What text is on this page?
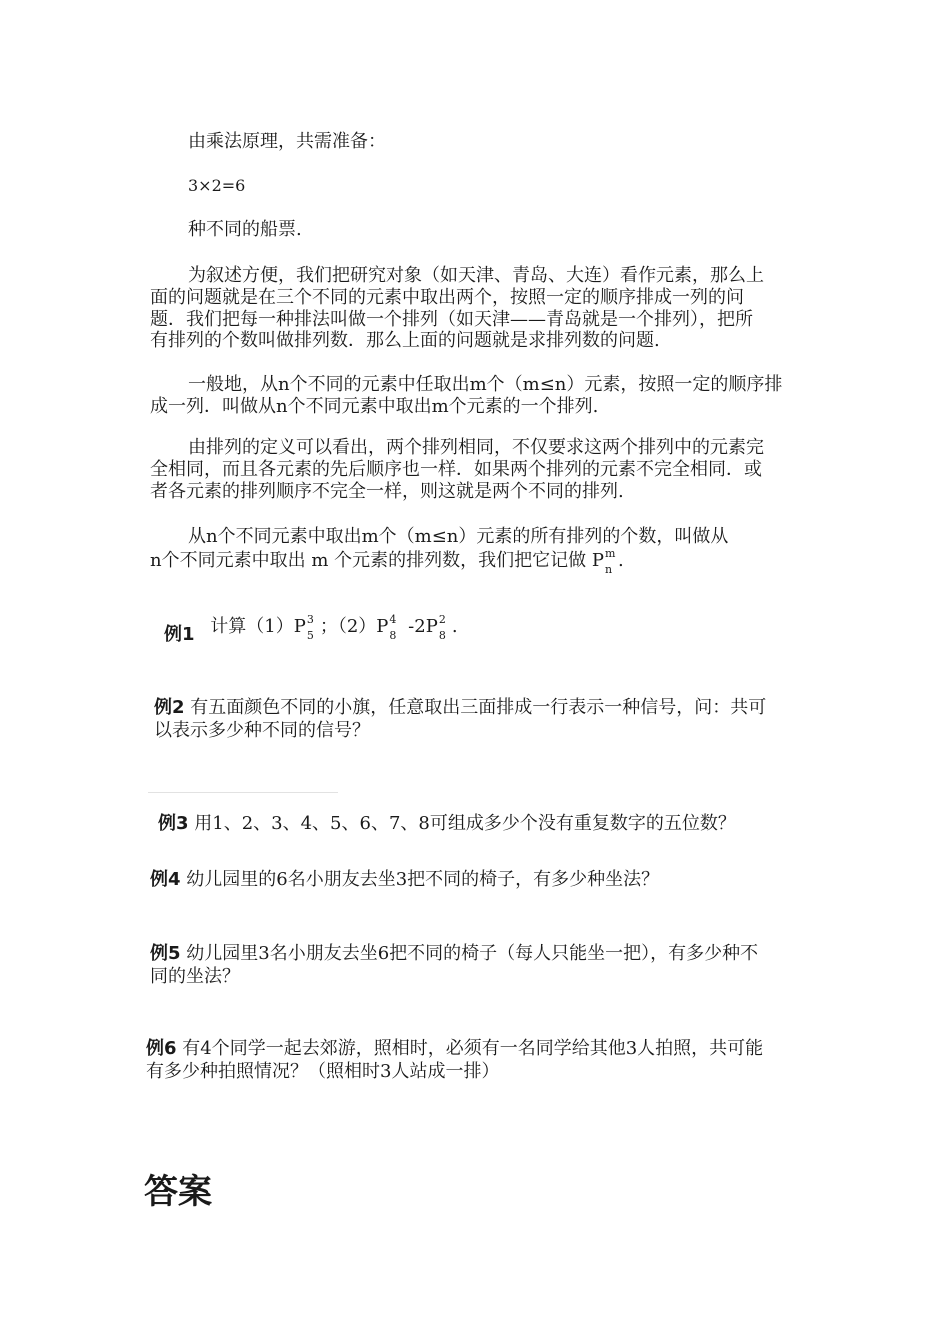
由乘法原理，共需准备：
3×2=6
种不同的船票.
为叙述方便，我们把研究对象（如天津、青岛、大连）看作元素，那么上
面的问题就是在三个不同的元素中取出两个，按照一定的顺序排成一列的问
题．我们把每一种排法叫做一个排列（如天津——青岛就是一个排列），把所
有排列的个数叫做排列数．那么上面的问题就是求排列数的问题.
一般地，从n个不同的元素中任取出m个（m≤n）元素，按照一定的顺序排
成一列．叫做从n个不同元素中取出m个元素的一个排列.
由排列的定义可以看出，两个排列相同，不仅要求这两个排列中的元素完
全相同，而且各元素的先后顺序也一样．如果两个排列的元素不完全相同．或
者各元素的排列顺序不完全一样，则这就是两个不同的排列.
从n个不同元素中取出m个（m≤n）元素的所有排列的个数，叫做从
n个不同元素中取出 m 个元素的排列数，我们把它记做 P m
n .
例1 计算（1）P 3
5 ；（2）P 4
8 -2P 2
8 .
例2 有五面颜色不同的小旗，任意取出三面排成一行表示一种信号，问：共可
以表示多少种不同的信号？
例3 用1、2、3、4、5、6、7、8可组成多少个没有重复数字的五位数？
例4 幼儿园里的6名小朋友去坐3把不同的椅子，有多少种坐法？
例5 幼儿园里3名小朋友去坐6把不同的椅子（每人只能坐一把），有多少种不
同的坐法？
例6 有4个同学一起去郊游，照相时，必须有一名同学给其他3人拍照，共可能
有多少种拍照情况？（照相时3人站成一排）
答案
